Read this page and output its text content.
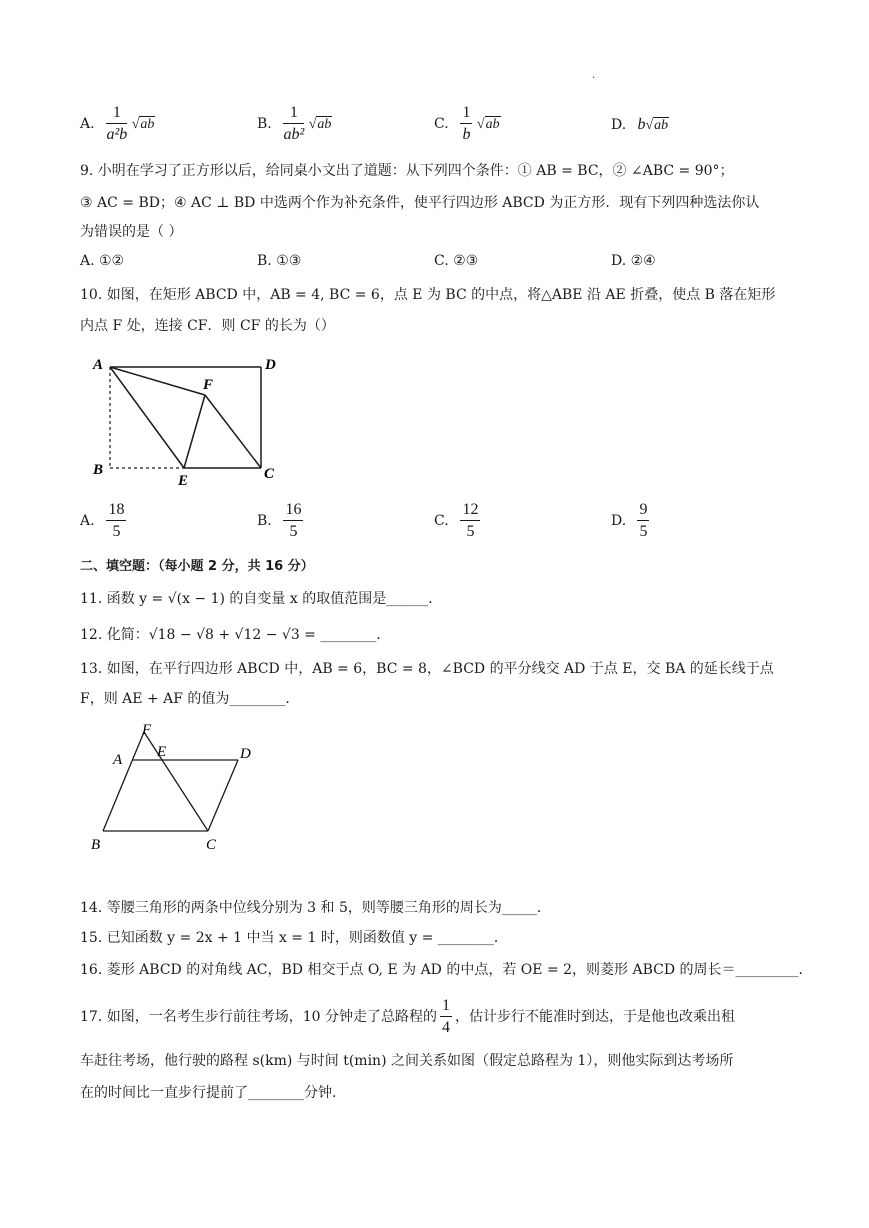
.
A. $\frac{1}{\text{a²b}} √ab$	B. $\frac{1}{\text{ab²}} √ab$	C. $\frac{1}{b} √ab$	D. b√ab
9. 小明在学习了正方形以后，给同桌小文出了道题：从下列四个条件：① AB = BC，② ∠ABC = 90°；
③ AC = BD；④ AC ⊥ BD 中选两个作为补充条件，使平行四边形 ABCD 为正方形．现有下列四种选法你认
为错误的是（ ）
A. ①②	B. ①③	C. ②③	D. ②④
10. 如图，在矩形 ABCD 中，AB = 4, BC = 6，点 E 为 BC 的中点，将△ABE 沿 AE 折叠，使点 B 落在矩形
内点 F 处，连接 CF．则 CF 的长为（）
A	D
B	C
E
F
A. $\frac{18}{5}$	B. $\frac{16}{5}$	C. $\frac{12}{5}$	D. $\frac{9}{5}$
二、填空题：（每小题 2 分，共 16 分）
11. 函数 y = √(x − 1) 的自变量 x 的取值范围是______．
12. 化简：√18 − √8 + √12 − √3 = ________．
13. 如图，在平行四边形 ABCD 中，AB = 6，BC = 8，∠BCD 的平分线交 AD 于点 E，交 BA 的延长线于点
F，则 AE + AF 的值为________．
F
A E	D
B	C
14. 等腰三角形的两条中位线分别为 3 和 5，则等腰三角形的周长为_____．
15. 已知函数 y = 2x + 1 中当 x = 1 时，则函数值 y = ________．
16. 菱形 ABCD 的对角线 AC，BD 相交于点 O, E 为 AD 的中点，若 OE = 2，则菱形 ABCD 的周长＝_________．
17. 如图，一名考生步行前往考场，10 分钟走了总路程的 $\frac{1}{4}$ ，估计步行不能准时到达，于是他也改乘出租
车赶往考场，他行驶的路程 s(km) 与时间 t(min) 之间关系如图（假定总路程为 1），则他实际到达考场所
在的时间比一直步行提前了________分钟．
